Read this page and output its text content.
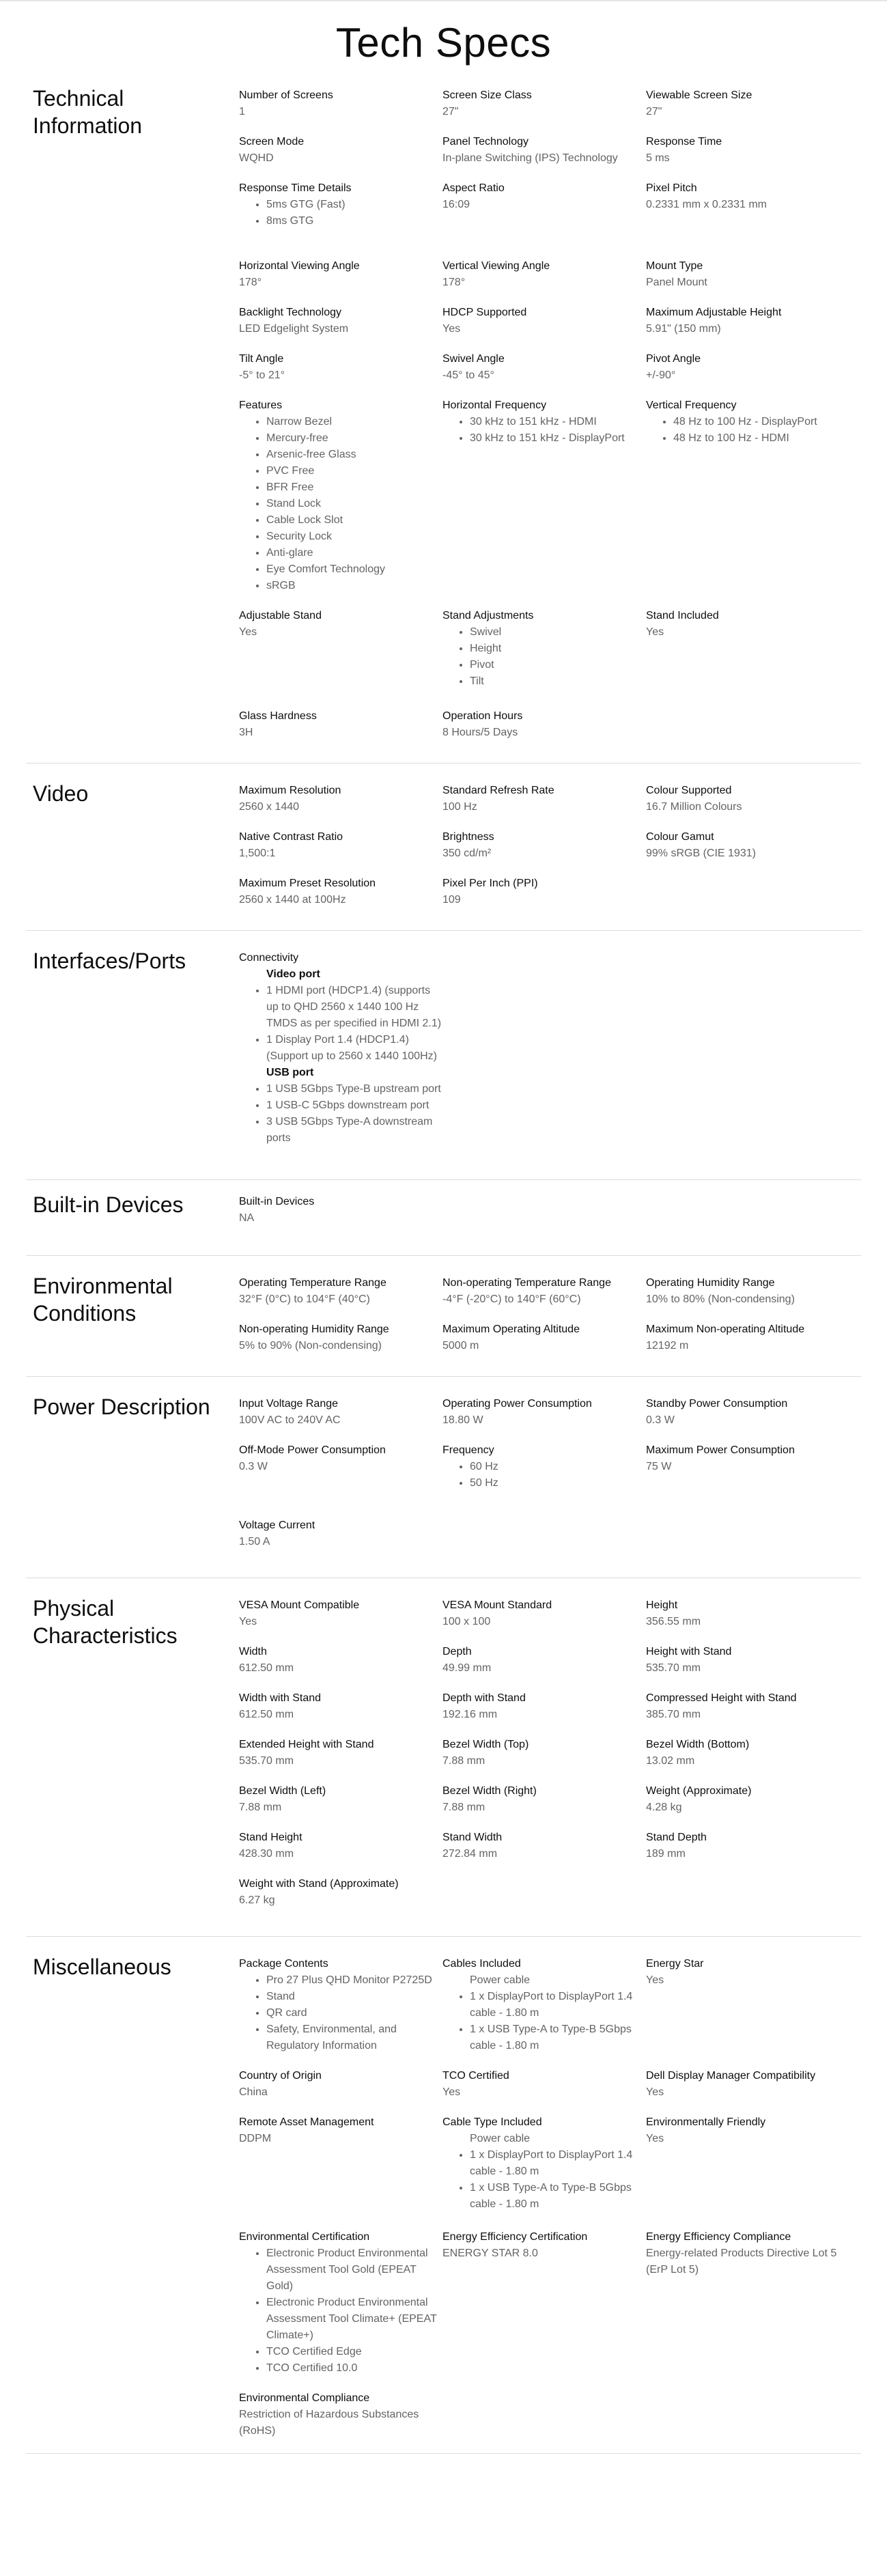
Tech Specs
Technical Information
Number of Screens
1
Screen Size Class
27"
Viewable Screen Size
27"
Screen Mode
WQHD
Panel Technology
In-plane Switching (IPS) Technology
Response Time
5 ms
Response Time Details
• 5ms GTG (Fast)
• 8ms GTG
Aspect Ratio
16:09
Pixel Pitch
0.2331 mm x 0.2331 mm
Horizontal Viewing Angle
178°
Vertical Viewing Angle
178°
Mount Type
Panel Mount
Backlight Technology
LED Edgelight System
HDCP Supported
Yes
Maximum Adjustable Height
5.91" (150 mm)
Tilt Angle
-5° to 21°
Swivel Angle
-45° to 45°
Pivot Angle
+/-90°
Features
• Narrow Bezel
• Mercury-free
• Arsenic-free Glass
• PVC Free
• BFR Free
• Stand Lock
• Cable Lock Slot
• Security Lock
• Anti-glare
• Eye Comfort Technology
• sRGB
Horizontal Frequency
• 30 kHz to 151 kHz - HDMI
• 30 kHz to 151 kHz - DisplayPort
Vertical Frequency
• 48 Hz to 100 Hz - DisplayPort
• 48 Hz to 100 Hz - HDMI
Adjustable Stand
Yes
Stand Adjustments
• Swivel
• Height
• Pivot
• Tilt
Stand Included
Yes
Glass Hardness
3H
Operation Hours
8 Hours/5 Days
Video	Maximum Resolution
2560 x 1440
Standard Refresh Rate
100 Hz
Colour Supported
16.7 Million Colours
Native Contrast Ratio
1,500:1
Brightness
350 cd/m²
Colour Gamut
99% sRGB (CIE 1931)
Maximum Preset Resolution
2560 x 1440 at 100Hz
Pixel Per Inch (PPI)
109
Interfaces/Ports	Connectivity
Video port
• 1 HDMI port (HDCP1.4) (supports up to QHD 2560 x 1440 100 Hz TMDS as per specified in HDMI 2.1)
• 1 Display Port 1.4 (HDCP1.4) (Support up to 2560 x 1440 100Hz)
USB port
• 1 USB 5Gbps Type-B upstream port
• 1 USB-C 5Gbps downstream port
• 3 USB 5Gbps Type-A downstream ports
Built-in Devices	Built-in Devices
NA
Environmental Conditions
Operating Temperature Range
32°F (0°C) to 104°F (40°C)
Non-operating Temperature Range
-4°F (-20°C) to 140°F (60°C)
Operating Humidity Range
10% to 80% (Non-condensing)
Non-operating Humidity Range
5% to 90% (Non-condensing)
Maximum Operating Altitude
5000 m
Maximum Non-operating Altitude
12192 m
Power Description	Input Voltage Range
100V AC to 240V AC
Operating Power Consumption
18.80 W
Standby Power Consumption
0.3 W
Off-Mode Power Consumption
0.3 W
Frequency
• 60 Hz
• 50 Hz
Maximum Power Consumption
75 W
Voltage Current
1.50 A
Physical Characteristics
VESA Mount Compatible
Yes
VESA Mount Standard
100 x 100
Height
356.55 mm
Width
612.50 mm
Depth
49.99 mm
Height with Stand
535.70 mm
Width with Stand
612.50 mm
Depth with Stand
192.16 mm
Compressed Height with Stand
385.70 mm
Extended Height with Stand
535.70 mm
Bezel Width (Top)
7.88 mm
Bezel Width (Bottom)
13.02 mm
Bezel Width (Left)
7.88 mm
Bezel Width (Right)
7.88 mm
Weight (Approximate)
4.28 kg
Stand Height
428.30 mm
Stand Width
272.84 mm
Stand Depth
189 mm
Weight with Stand (Approximate)
6.27 kg
Miscellaneous	Package Contents
• Pro 27 Plus QHD Monitor P2725D
• Stand
• QR card
• Safety, Environmental, and Regulatory Information
Cables Included
Power cable
• 1 x DisplayPort to DisplayPort 1.4 cable - 1.80 m
• 1 x USB Type-A to Type-B 5Gbps cable - 1.80 m
Energy Star
Yes
Country of Origin
China
TCO Certified
Yes
Dell Display Manager Compatibility
Yes
Remote Asset Management
DDPM
Cable Type Included
Power cable
• 1 x DisplayPort to DisplayPort 1.4 cable - 1.80 m
• 1 x USB Type-A to Type-B 5Gbps cable - 1.80 m
Environmentally Friendly
Yes
Environmental Certification
• Electronic Product Environmental Assessment Tool Gold (EPEAT Gold)
• Electronic Product Environmental Assessment Tool Climate+ (EPEAT Climate+)
• TCO Certified Edge
• TCO Certified 10.0
Energy Efficiency Certification
ENERGY STAR 8.0
Energy Efficiency Compliance
Energy-related Products Directive Lot 5 (ErP Lot 5)
Environmental Compliance
Restriction of Hazardous Substances (RoHS)
